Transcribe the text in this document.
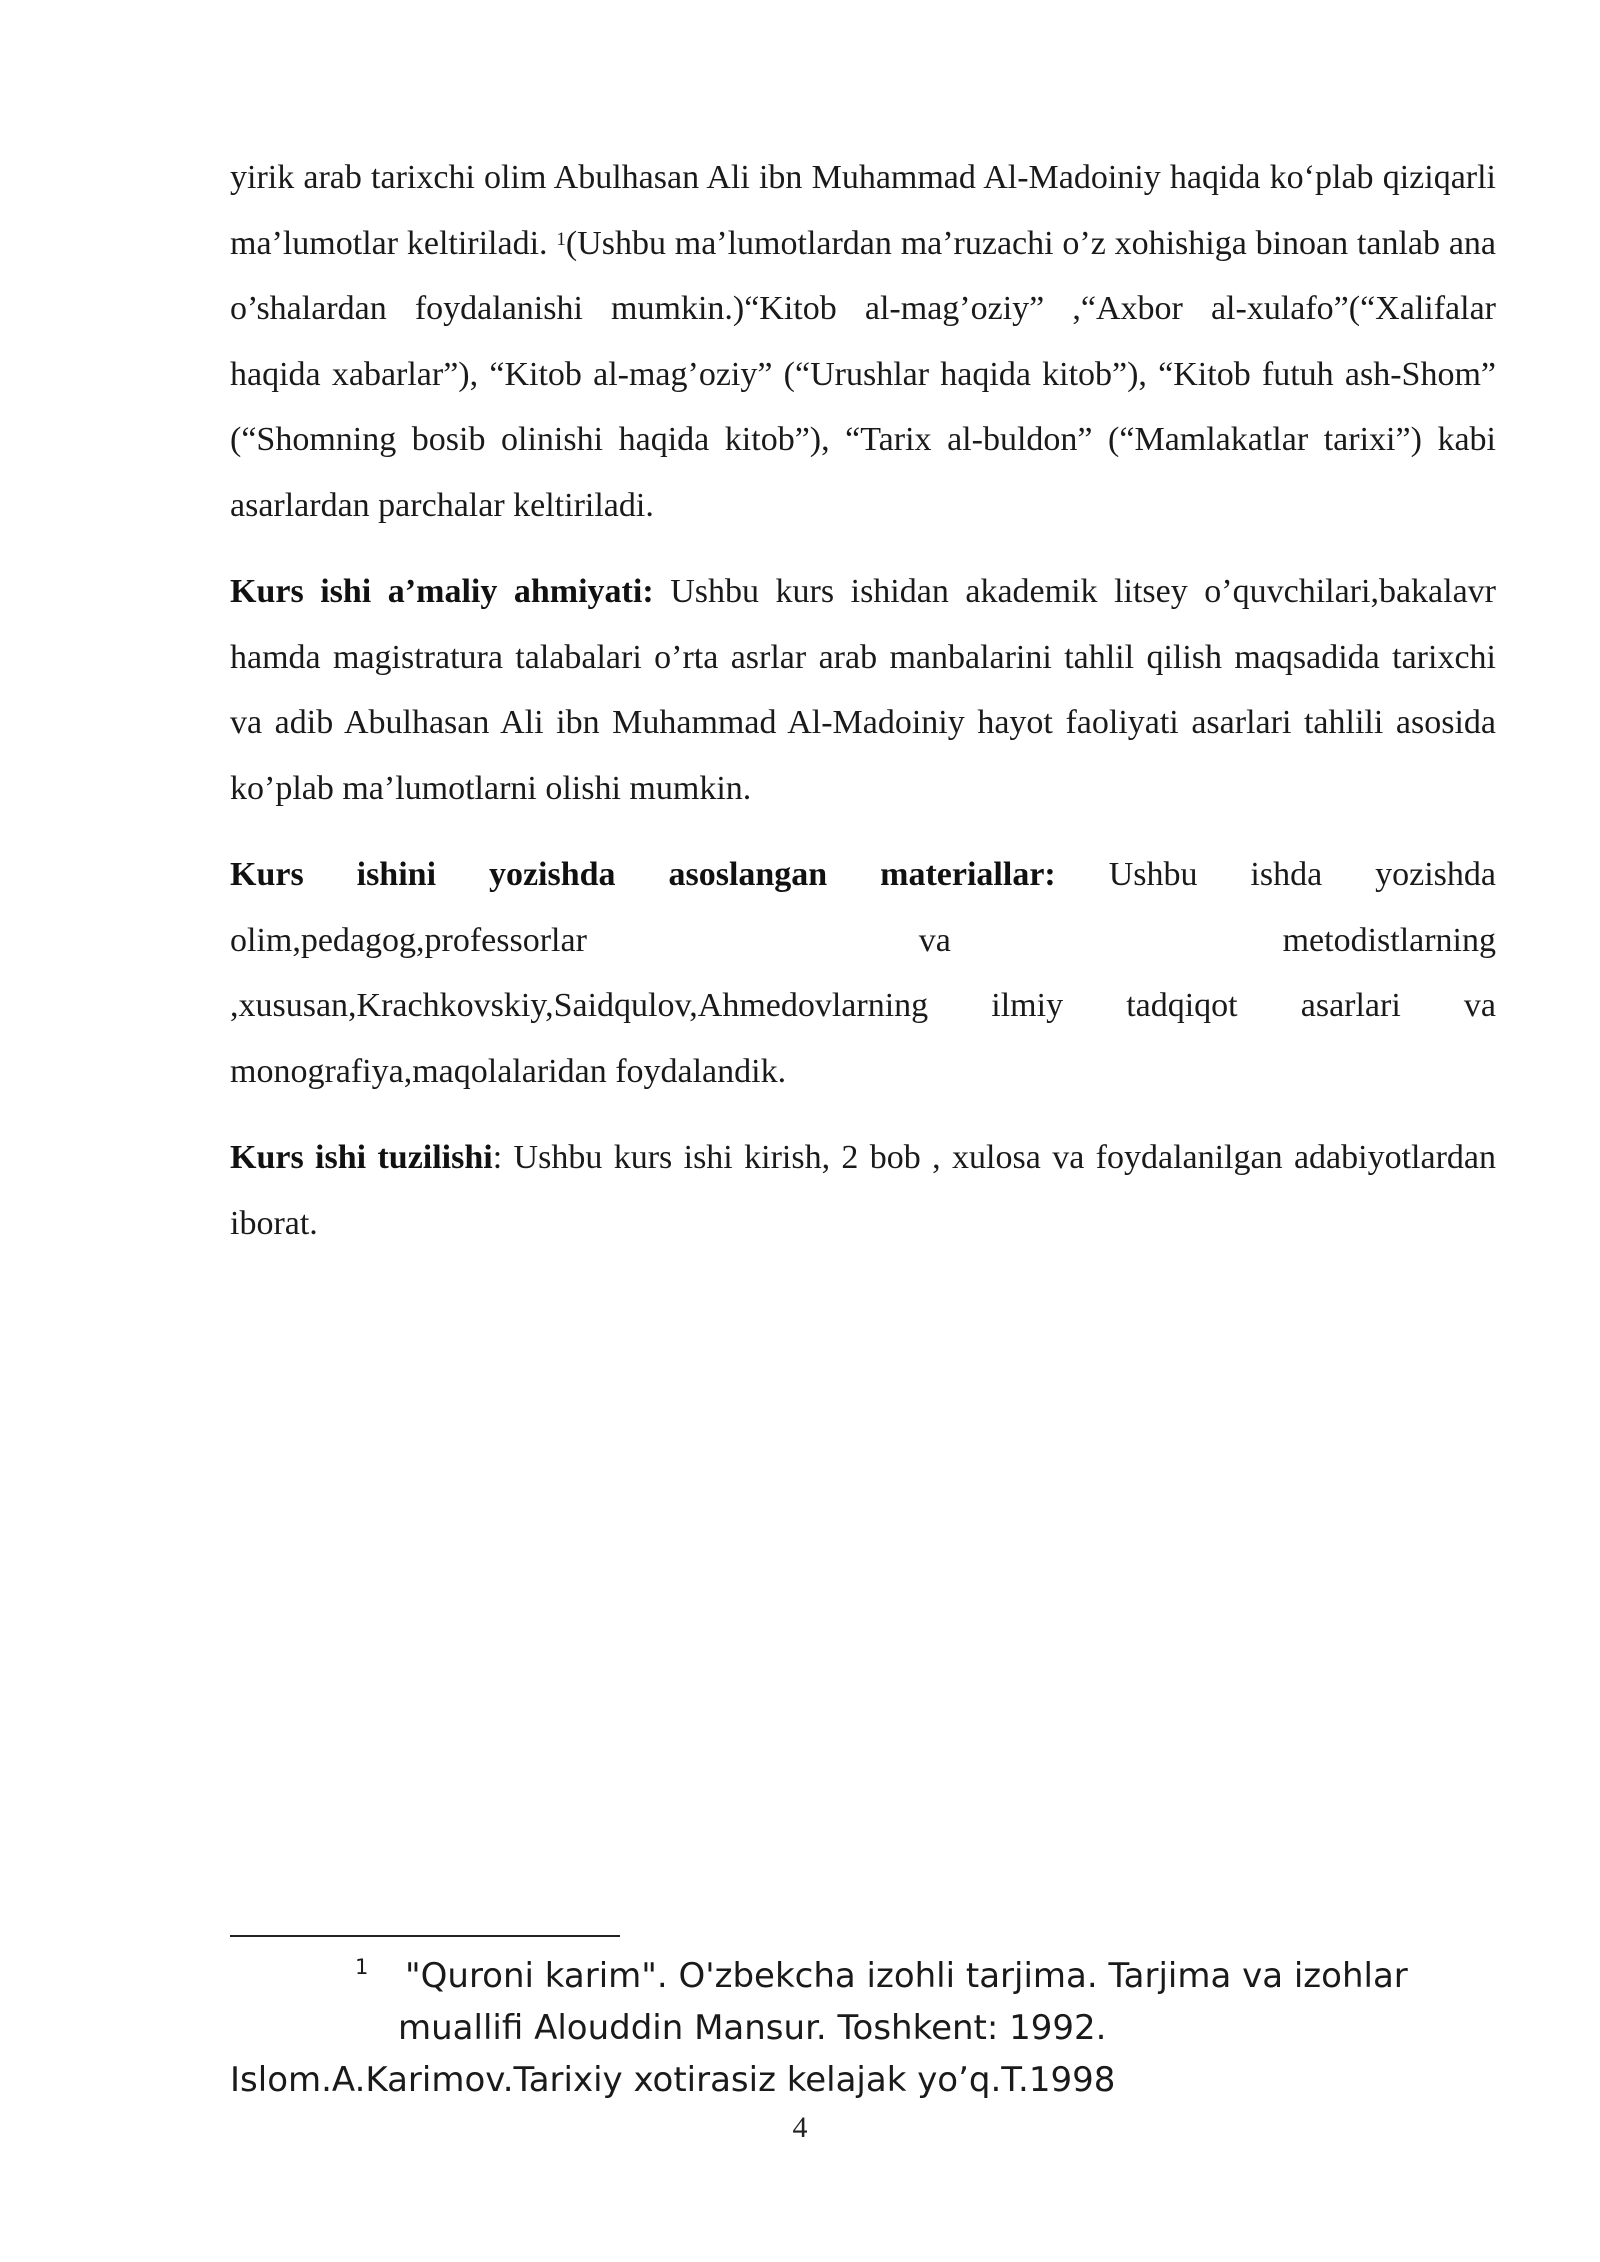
yirik arab tarixchi olim Abulhasan Ali ibn Muhammad Al-Madoiniy haqida ko‘plab qiziqarli ma’lumotlar keltiriladi. $^1$(Ushbu ma’lumotlardan ma’ruzachi o’z xohishiga binoan tanlab ana o’shalardan foydalanishi mumkin.)“Kitob al-mag’oziy” ,“Axbor al-xulafo”(“Xalifalar haqida xabarlar”), “Kitob al-mag’oziy” (“Urushlar haqida kitob”), “Kitob futuh ash-Shom” (“Shomning bosib olinishi haqida kitob”), “Tarix al-buldon” (“Mamlakatlar tarixi”) kabi asarlardan parchalar keltiriladi.

Kurs ishi a’maliy ahmiyati: Ushbu kurs ishidan akademik litsey o’quvchilari,bakalavr hamda magistratura talabalari o’rta asrlar arab manbalarini tahlil qilish maqsadida tarixchi va adib Abulhasan Ali ibn Muhammad Al-Madoiniy hayot faoliyati asarlari tahlili asosida ko’plab ma’lumotlarni olishi mumkin.

Kurs ishini yozishda asoslangan materiallar: Ushbu ishda yozishda olim,pedagog,professorlar va metodistlarning ,xususan,Krachkovskiy,Saidqulov,Ahmedovlarning ilmiy tadqiqot asarlari va monografiya,maqolalaridan foydalandik.

Kurs ishi tuzilishi: Ushbu kurs ishi kirish, 2 bob , xulosa va foydalanilgan adabiyotlardan iborat.

1 "Quroni karim". O'zbekcha izohli tarjima. Tarjima va izohlar
muallifi Alouddin Mansur. Toshkent: 1992.
Islom.A.Karimov.Tarixiy xotirasiz kelajak yo’q.T.1998
4
